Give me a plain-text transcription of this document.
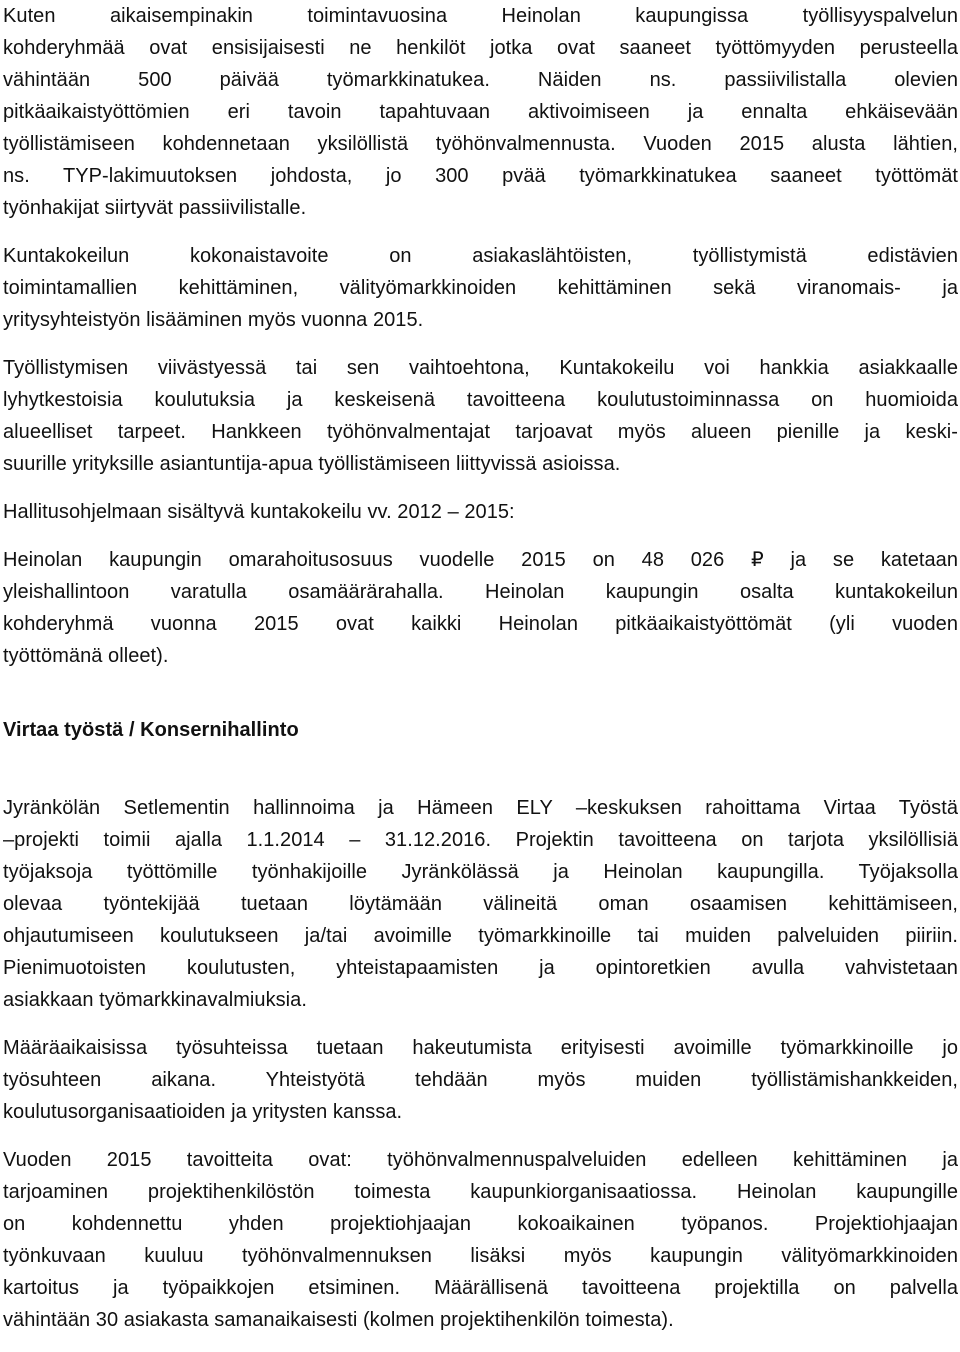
Kuten aikaisempinakin toimintavuosina Heinolan kaupungissa työllisyyspalvelun
kohderyhmää ovat ensisijaisesti ne henkilöt jotka ovat saaneet työttömyyden perusteella
vähintään 500 päivää työmarkkinatukea. Näiden ns. passiivilistalla olevien
pitkäaikaistyöttömien eri tavoin tapahtuvaan aktivoimiseen ja ennalta ehkäisevään
työllistämiseen kohdennetaan yksilöllistä työhönvalmennusta. Vuoden 2015 alusta lähtien,
ns. TYP-lakimuutoksen johdosta, jo 300 pvää työmarkkinatukea saaneet työttömät
työnhakijat siirtyvät passiivilistalle.
Kuntakokeilun kokonaistavoite on asiakaslähtöisten, työllistymistä edistävien
toimintamallien kehittäminen, välityömarkkinoiden kehittäminen sekä viranomais- ja
yritysyhteistyön lisääminen myös vuonna 2015.
Työllistymisen viivästyessä tai sen vaihtoehtona, Kuntakokeilu voi hankkia asiakkaalle
lyhytkestoisia koulutuksia ja keskeisenä tavoitteena koulutustoiminnassa on huomioida
alueelliset tarpeet. Hankkeen työhönvalmentajat tarjoavat myös alueen pienille ja keski-
suurille yrityksille asiantuntija-apua työllistämiseen liittyvissä asioissa.
Hallitusohjelmaan sisältyvä kuntakokeilu vv. 2012 – 2015:
Heinolan kaupungin omarahoitusosuus vuodelle 2015 on 48 026 ₽ ja se katetaan
yleishallintoon varatulla osamäärärahalla. Heinolan kaupungin osalta kuntakokeilun
kohderyhmä vuonna 2015 ovat kaikki Heinolan pitkäaikaistyöttömät (yli vuoden
työttömänä olleet).
Virtaa työstä / Konsernihallinto
Jyränkölän Setlementin hallinnoima ja Hämeen ELY –keskuksen rahoittama Virtaa Työstä
–projekti toimii ajalla 1.1.2014 – 31.12.2016. Projektin tavoitteena on tarjota yksilöllisiä
työjaksoja työttömille työnhakijoille Jyränkölässä ja Heinolan kaupungilla. Työjaksolla
olevaa työntekijää tuetaan löytämään välineitä oman osaamisen kehittämiseen,
ohjautumiseen koulutukseen ja/tai avoimille työmarkkinoille tai muiden palveluiden piiriin.
Pienimuotoisten koulutusten, yhteistapaamisten ja opintoretkien avulla vahvistetaan
asiakkaan työmarkkinavalmiuksia.
Määräaikaisissa työsuhteissa tuetaan hakeutumista erityisesti avoimille työmarkkinoille jo
työsuhteen aikana. Yhteistyötä tehdään myös muiden työllistämishankkeiden,
koulutusorganisaatioiden ja yritysten kanssa.
Vuoden 2015 tavoitteita ovat: työhönvalmennuspalveluiden edelleen kehittäminen ja
tarjoaminen projektihenkilöstön toimesta kaupunkiorganisaatiossa. Heinolan kaupungille
on kohdennettu yhden projektiohjaajan kokoaikainen työpanos. Projektiohjaajan
työnkuvaan kuuluu työhönvalmennuksen lisäksi myös kaupungin välityömarkkinoiden
kartoitus ja työpaikkojen etsiminen. Määrällisenä tavoitteena projektilla on palvella
vähintään 30 asiakasta samanaikaisesti (kolmen projektihenkilön toimesta).
